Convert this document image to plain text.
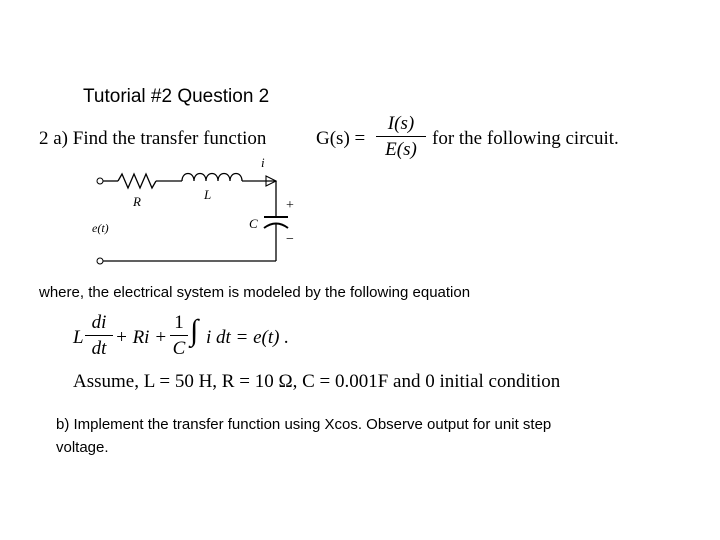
Tutorial #2 Question 2
2 a) Find the transfer function	G(s) =
I(s)
E(s)
for the following circuit.
i
R	L
C
+
−
e(t)
where, the electrical system is modeled by the following equation
L
di
dt
+ Ri +
1
C
∫ i dt = e(t) .
Assume, L = 50 H, R = 10 Ω, C = 0.001F and 0 initial condition
b) Implement the transfer function using Xcos. Observe output for unit step
voltage.
